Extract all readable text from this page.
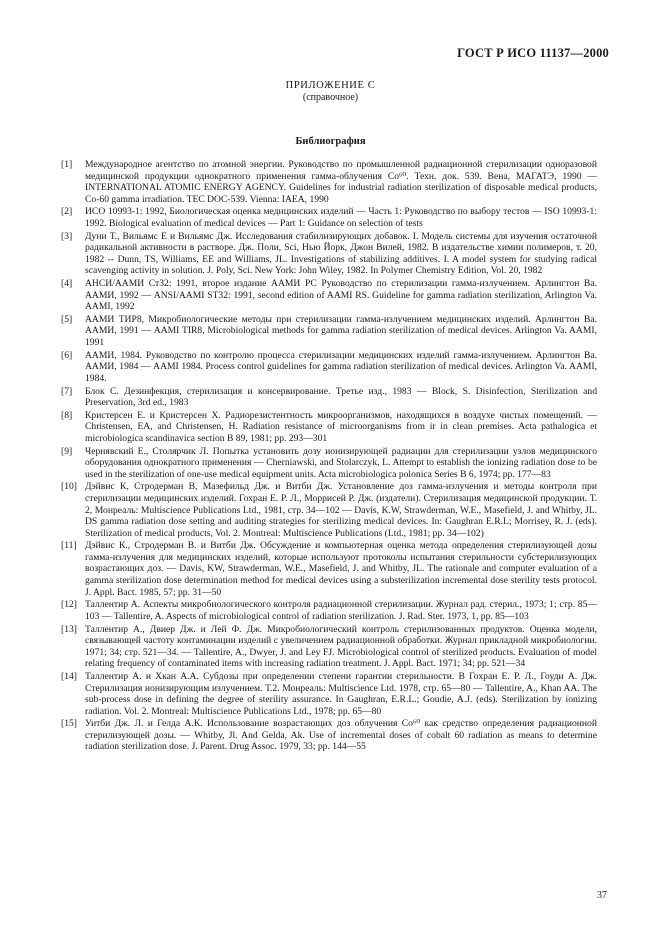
ГОСТ Р ИСО 11137—2000
ПРИЛОЖЕНИЕ С
(справочное)
Библиография
[1] Международное агентство по атомной энергии. Руководство по промышленной радиационной стерилизации одноразовой медицинской продукции однократного применения гамма-облучения Co⁶⁰. Техн. док. 539. Вена, МАГАТЭ, 1990 — INTERNATIONAL ATOMIC ENERGY AGENCY. Guidelines for industrial radiation sterilization of disposable medical products, Co-60 gamma irradiation. TEC DOC-539. Vienna: IAEA, 1990
[2] ИСО 10993-1: 1992, Биологическая оценка медицинских изделий — Часть 1: Руководство по выбору тестов — ISO 10993-1: 1992. Biological evaluation of medical devices — Part 1: Guidance on selection of tests
[3] Дуни Т., Вильямс Е и Вильямс Дж. Исследования стабилизирующих добавок. I. Модель системы для изучения остаточной радикальной активности в растворе. Дж. Поли, Sci, Нью Йорк, Джон Вилей, 1982. В издательстве химии полимеров, т. 20, 1982 -- Dunn, TS, Williams, EE and Williams, JL. Investigations of stabilizing additives. I. A model system for studying radical scavenging activity in solution. J. Poly, Sci. New York: John Wiley, 1982. In Polymer Chemistry Edition, Vol. 20, 1982
[4] АНСИ/ААМИ Ст32: 1991, второе издание ААМИ РС Руководство по стерилизации гамма-излучением. Арлингтон Ва. ААМИ, 1992 — ANSI/AAMI ST32: 1991, second edition of AAMI RS. Guideline for gamma radiation sterilization, Arlington Va. AAMI, 1992
[5] ААМИ ТИР8, Микробиологические методы при стерилизации гамма-излучением медицинских изделий. Арлингтон Ва. ААМИ, 1991 — AAMI TIR8, Microbiological methods for gamma radiation sterilization of medical devices. Arlington Va. AAMI, 1991
[6] ААМИ, 1984. Руководство по контролю процесса стерилизации медицинских изделий гамма-излучением. Арлингтон Ва. ААМИ, 1984 — AAMI 1984. Process control guidelines for gamma radiation sterilization of medical devices. Arlington Va. AAMI, 1984.
[7] Блок С. Дезинфекция, стерилизация и консервирование. Третье изд., 1983 — Block, S. Disinfection, Sterilization and Preservation, 3rd ed., 1983
[8] Кристерсен Е. и Кристерсен Х. Радиорезистентность микроорганизмов, находящихся в воздухе чистых помещений. — Christensen, EA, and Christensen, H. Radiation resistance of microorganisms from ir in clean premises. Acta pathalogica et microbiologica scandinavica section B 89, 1981; pp. 293—301
[9] Чернявский Е., Столярчик Л. Попытка установить дозу ионизирующей радиации для стерилизации узлов медицинского оборудования однократного применения — Cherniawski, and Stolarczyk, L. Attempt to establish the ionizing radiation dose to be used in the sterilization of one-use medical equipment units. Acta microbiologica polonica Series B 6, 1974; pp. 177—83
[10] Дэйвис К, Стродерман В, Мазефильд Дж. и Витби Дж. Установление доз гамма-излучения и методы контроля при стерилизации медицинских изделий. Гохран Е. Р. Л., Моррисей Р. Дж. (издатели). Стерилизация медицинской продукции. Т. 2, Монреаль: Multiscience Publications Ltd., 1981, стр. 34—102 — Davis, K.W, Strawderman, W.E., Masefield, J. and Whitby, JL. DS gamma radiation dose setting and auditing strategies for sterilizing medical devices. In: Gaughran E.R.L; Morrisey, R. J. (eds). Sterilization of medical products, Vol. 2. Montreal: Multiscience Publications (Ltd., 1981; pp. 34—102)
[11] Дэйвис К., Стродерман В. и Витби Дж. Обсуждение и компьютерная оценка метода определения стерилизующей дозы гамма-излучения для медицинских изделий, которые используют протоколы испытания стерильности субстерилизующих возрастающих доз. — Davis, KW, Strawderman, W.E., Masefield, J. and Whitby, JL. The rationale and computer evaluation of a gamma sterilization dose determination method for medical devices using a substerilization incremental dose sterility tests protocol. J. Appl. Bact. 1985, 57; pp. 31—50
[12] Таллентир А. Аспекты микробиологического контроля радиационной стерилизации. Журнал рад. стерил., 1973; 1; стр. 85—103 — Tallentire, A. Aspects of microbiological control of radiation sterilization. J. Rad. Ster. 1973, 1, pp. 85—103
[13] Таллентир А., Двиер Дж. и Лей Ф. Дж. Микробиологический контроль стерилизованных продуктов. Оценка модели, связывающей частоту контаминации изделий с увеличением радиационной обработки. Журнал прикладной микробиологии. 1971; 34; стр. 521—34. — Tallentire, A., Dwyer, J. and Ley FJ. Microbiological control of sterilized products. Evaluation of model relating frequency of contaminated items with increasing radiation treatment. J. Appl. Bact. 1971; 34; pp. 521—34
[14] Таллентир А. и Хкан А.А. Субдозы при определении степени гарантии стерильности. В Гохран Е. Р. Л., Гоуди А. Дж. Стерилизация ионизирующим излучением. Т.2. Монреаль: Multiscience Ltd. 1978, стр. 65—80 — Tallentire, A., Khan AA. The sub-process dose in defining the degree of sterility assurance. In Gaughran, E.R.L.; Goudie, A.J. (eds). Sterilization by ionizing radiation. Vol. 2. Montreal: Multiscience Publications Ltd., 1978; pp. 65—80
[15] Уитби Дж. Л. и Гелда А.К. Использование возрастающих доз облучения Co⁶⁰ как средство определения радиационной стерилизующей дозы. — Whitby, Jl. And Gelda, Ak. Use of incremental doses of cobalt 60 radiation as means to determine radiation sterilization dose. J. Parent. Drug Assoc. 1979, 33; pp. 144—55
37
